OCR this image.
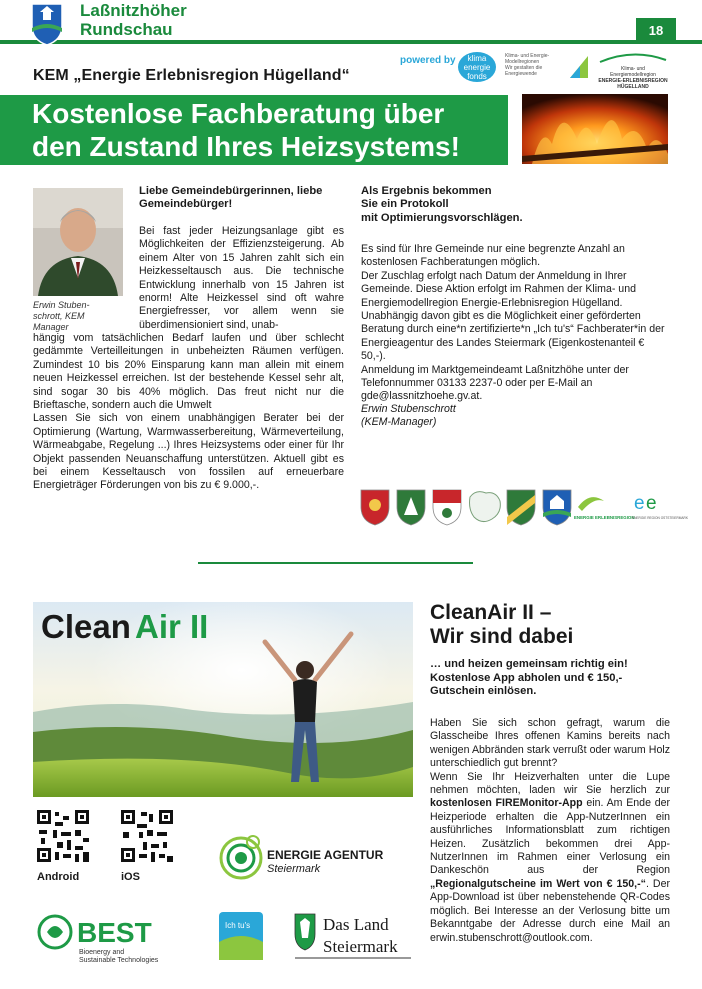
Laßnitzhöher
Rundschau	18
KEM „Energie Erlebnisregion Hügelland“
powered by	klima energie fonds
Klima- und Energie-Modellregionen
Wir gestalten die Energiewende
Klima- und Energiemodellregion
ENERGIE-ERLEBNISREGION
HÜGELLAND
Kostenlose Fachberatung über
den Zustand Ihres Heizsystems!
Erwin Stuben-schrott, KEM Manager
Liebe Gemeindebürgerinnen, liebe Gemeindebürger!
Bei fast jeder Heizungsanlage gibt es Möglichkeiten der Effizienzsteigerung. Ab einem Alter von 15 Jahren zahlt sich ein Heizkesseltausch aus. Die technische Entwicklung innerhalb von 15 Jahren ist enorm! Alte Heizkessel sind oft wahre Energiefresser, vor allem wenn sie überdimensioniert sind, unab-
hängig vom tatsächlichen Bedarf laufen und über schlecht gedämmte Verteilleitungen in unbeheizten Räumen verfügen. Zumindest 10 bis 20% Einsparung kann man allein mit einem neuen Heizkessel erreichen. Ist der bestehende Kessel sehr alt, sind sogar 30 bis 40% möglich. Das freut nicht nur die Brieftasche, sondern auch die Umwelt
Lassen Sie sich von einem unabhängigen Berater bei der Optimierung (Wartung, Warmwasserbereitung, Wärmeverteilung, Wärmeabgabe, Regelung ...) Ihres Heizsystems oder einer für Ihr Objekt passenden Neuanschaffung unterstützen. Aktuell gibt es bei einem Kesseltausch von fossilen auf erneuerbare Energieträger Förderungen von bis zu € 9.000,-.
Als Ergebnis bekommen Sie ein Protokoll
mit Optimierungsvorschlägen.
Es sind für Ihre Gemeinde nur eine begrenzte Anzahl an kostenlosen Fachberatungen möglich.
Der Zuschlag erfolgt nach Datum der Anmeldung in Ihrer Gemeinde. Diese Aktion erfolgt im Rahmen der Klima- und Energiemodellregion Energie-Erlebnisregion Hügelland.
Unabhängig davon gibt es die Möglichkeit einer geförderten Beratung durch eine*n zertifizierte*n „Ich tu's“ Fachberater*in der Energieagentur des Landes Steiermark (Eigenkostenanteil € 50,-).
Anmeldung im Marktgemeindeamt Laßnitzhöhe unter der Telefonnummer 03133 2237-0 oder per E-Mail an gde@lassnitzhoehe.gv.at.
Erwin Stubenschrott
(KEM-Manager)
ENERGIE ERLEBNISREGION
e e
ENERGIE REGION OSTSTEIERMARK
Clean Air II
Android	iOS
ENERGIE AGENTUR
Steiermark
BEST
Bioenergy and
Sustainable Technologies
Ich tu's	Das Land
Steiermark
CleanAir II –
Wir sind dabei
… und heizen gemeinsam richtig ein! Kostenlose App abholen und € 150,- Gutschein einlösen.
Haben Sie sich schon gefragt, warum die Glasscheibe Ihres offenen Kamins bereits nach wenigen Abbränden stark verrußt oder warum Holz unterschiedlich gut brennt?
Wenn Sie Ihr Heizverhalten unter die Lupe nehmen möchten, laden wir Sie herzlich zur kostenlosen FIREMonitor-App ein. Am Ende der Heizperiode erhalten die App-NutzerInnen ein ausführliches Informationsblatt zum richtigen Heizen. Zusätzlich bekommen drei App-NutzerInnen im Rahmen einer Verlosung ein Dankeschön aus der Region „Regionalgutscheine im Wert von € 150,-“. Der App-Download ist über nebenstehende QR-Codes möglich. Bei Interesse an der Verlosung bitte um Bekanntgabe der Adresse durch eine Mail an erwin.stubenschrott@outlook.com.
